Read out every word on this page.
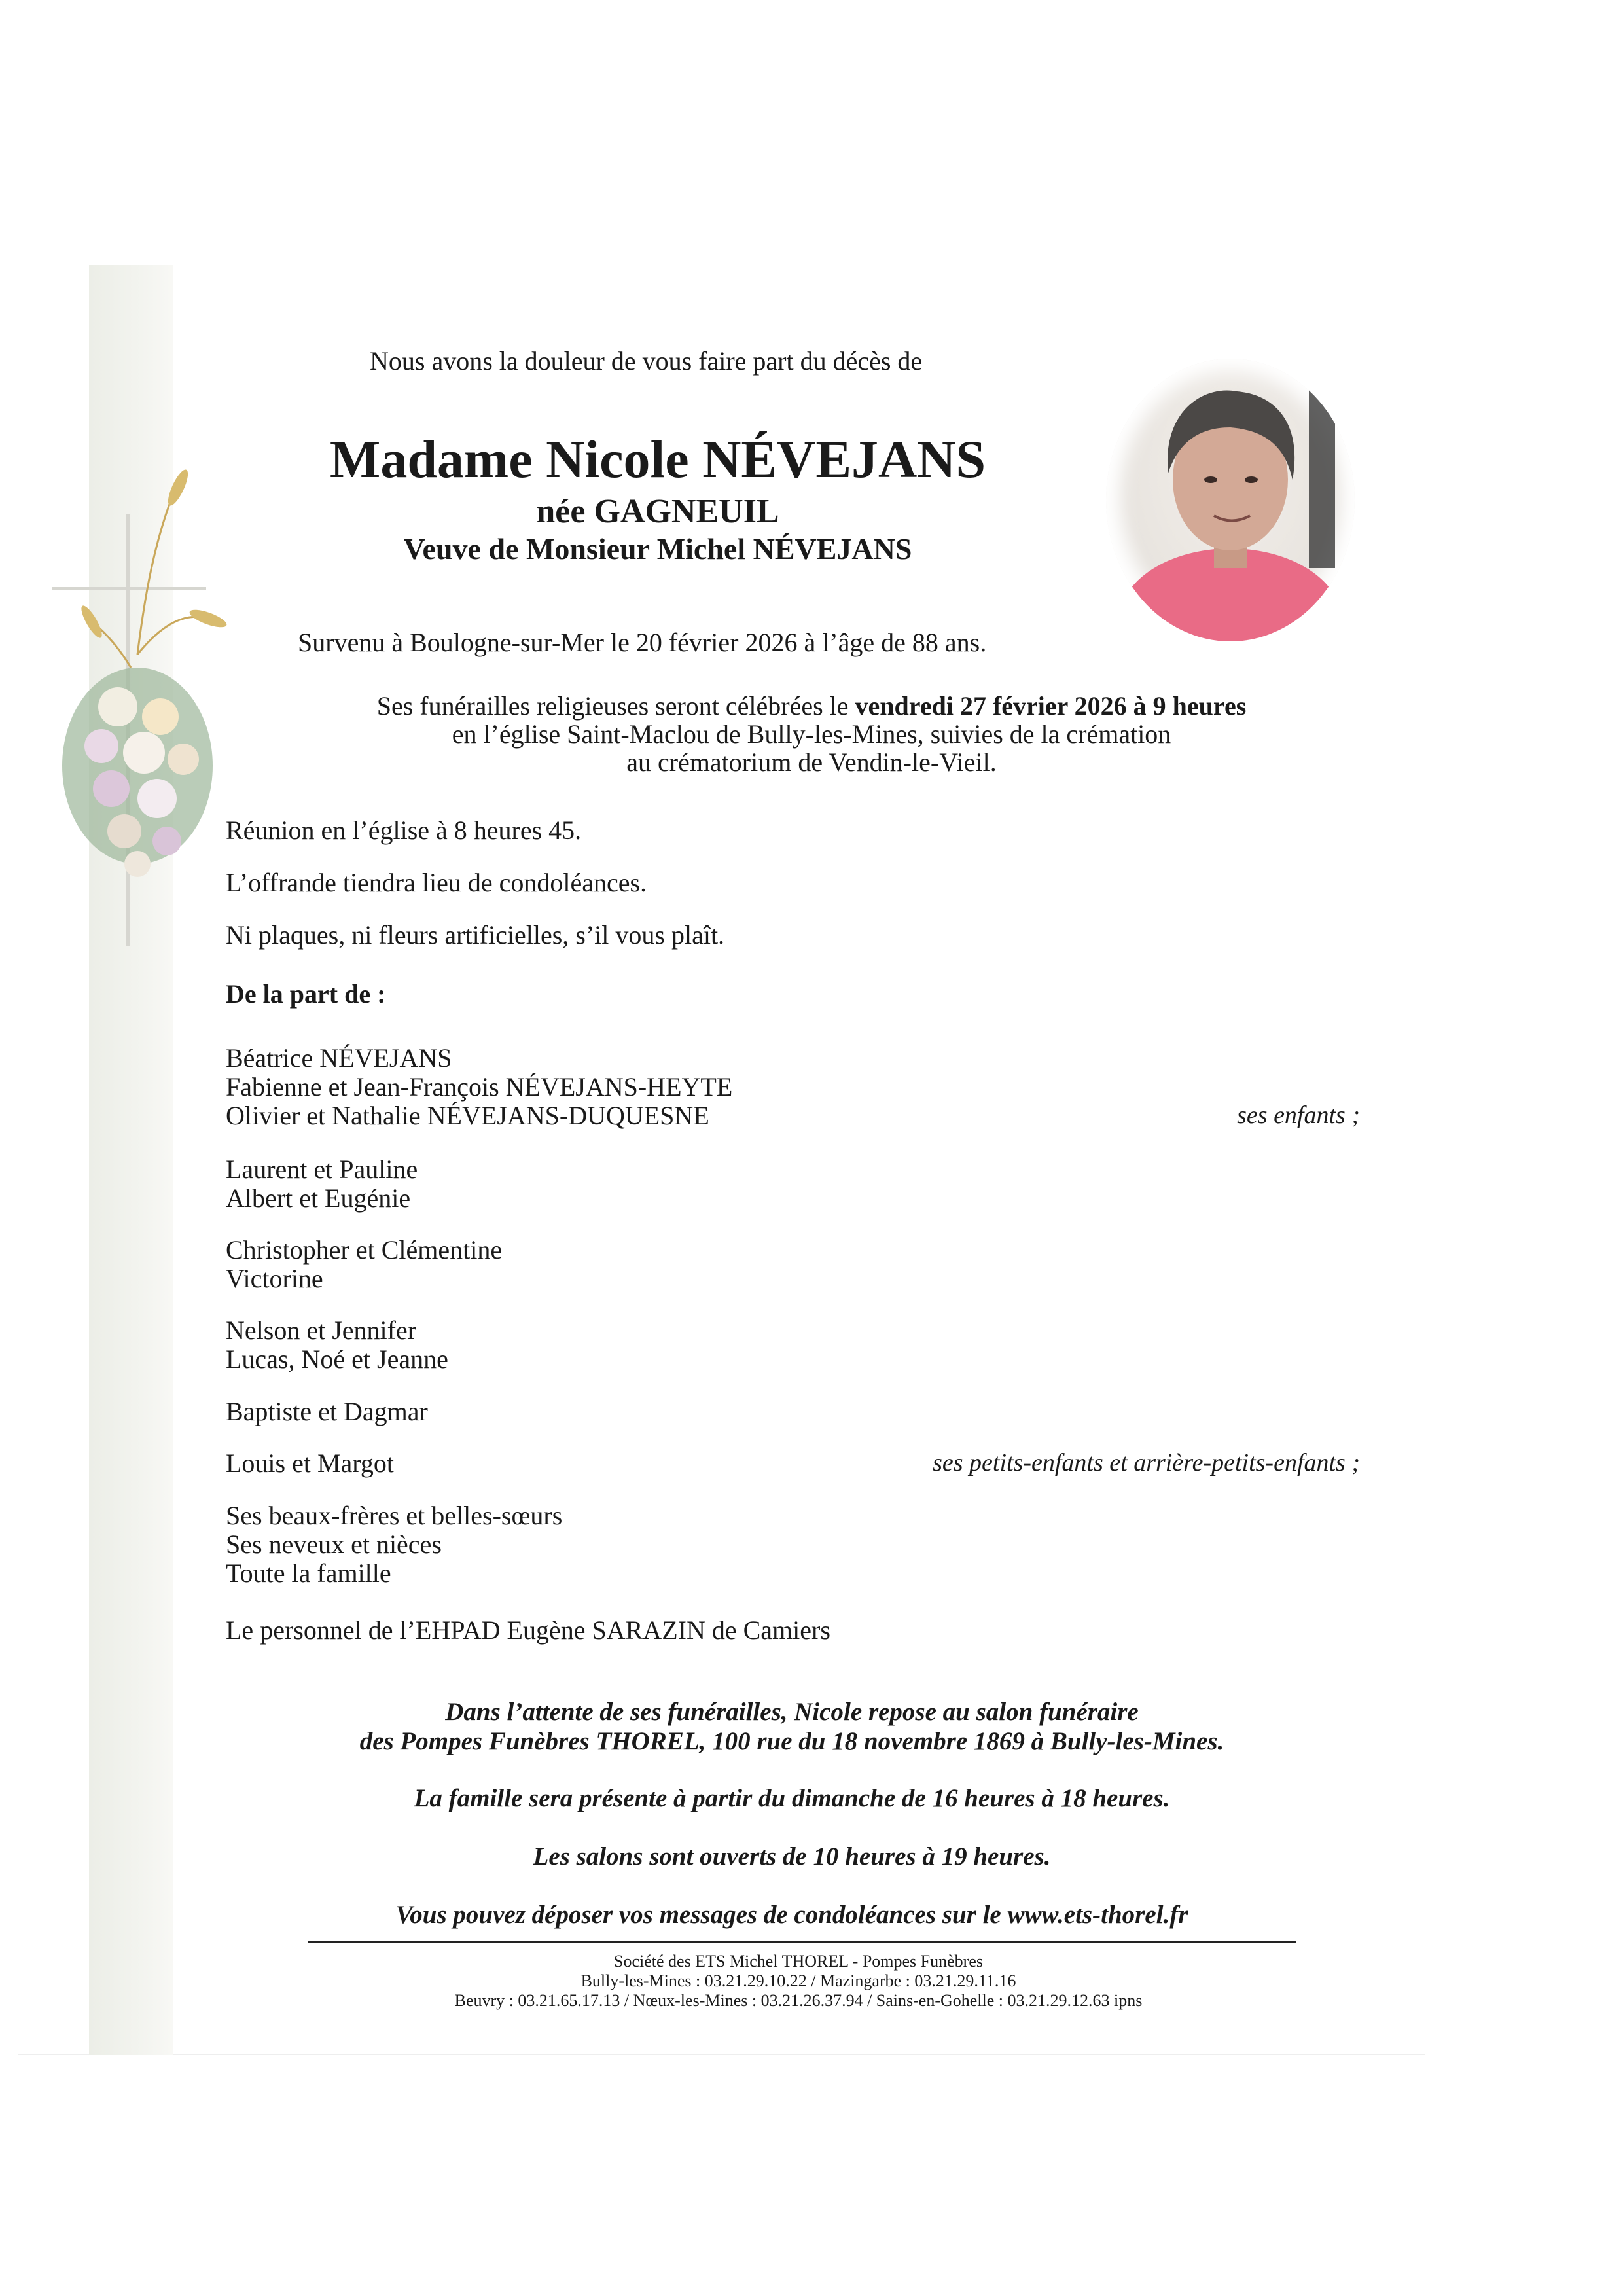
Nous avons la douleur de vous faire part du décès de
Madame Nicole NÉVEJANS
née GAGNEUIL
Veuve de Monsieur Michel NÉVEJANS
Survenu à Boulogne-sur-Mer le 20 février 2026 à l’âge de 88 ans.
Ses funérailles religieuses seront célébrées le vendredi 27 février 2026 à 9 heures
en l’église Saint-Maclou de Bully-les-Mines, suivies de la crémation
au crématorium de Vendin-le-Vieil.
Réunion en l’église à 8 heures 45.
L’offrande tiendra lieu de condoléances.
Ni plaques, ni fleurs artificielles, s’il vous plaît.
De la part de :
Béatrice NÉVEJANS
Fabienne et Jean-François NÉVEJANS-HEYTE
Olivier et Nathalie NÉVEJANS-DUQUESNE	ses enfants ;
Laurent et Pauline
Albert et Eugénie
Christopher et Clémentine
Victorine
Nelson et Jennifer
Lucas, Noé et Jeanne
Baptiste et Dagmar
Louis et Margot	ses petits-enfants et arrière-petits-enfants ;
Ses beaux-frères et belles-sœurs
Ses neveux et nièces
Toute la famille
Le personnel de l’EHPAD Eugène SARAZIN de Camiers
Dans l’attente de ses funérailles, Nicole repose au salon funéraire
des Pompes Funèbres THOREL, 100 rue du 18 novembre 1869 à Bully-les-Mines.
La famille sera présente à partir du dimanche de 16 heures à 18 heures.
Les salons sont ouverts de 10 heures à 19 heures.
Vous pouvez déposer vos messages de condoléances sur le www.ets-thorel.fr
Société des ETS Michel THOREL - Pompes Funèbres
Bully-les-Mines : 03.21.29.10.22 / Mazingarbe : 03.21.29.11.16
Beuvry : 03.21.65.17.13 / Nœux-les-Mines : 03.21.26.37.94 / Sains-en-Gohelle : 03.21.29.12.63 ipns
